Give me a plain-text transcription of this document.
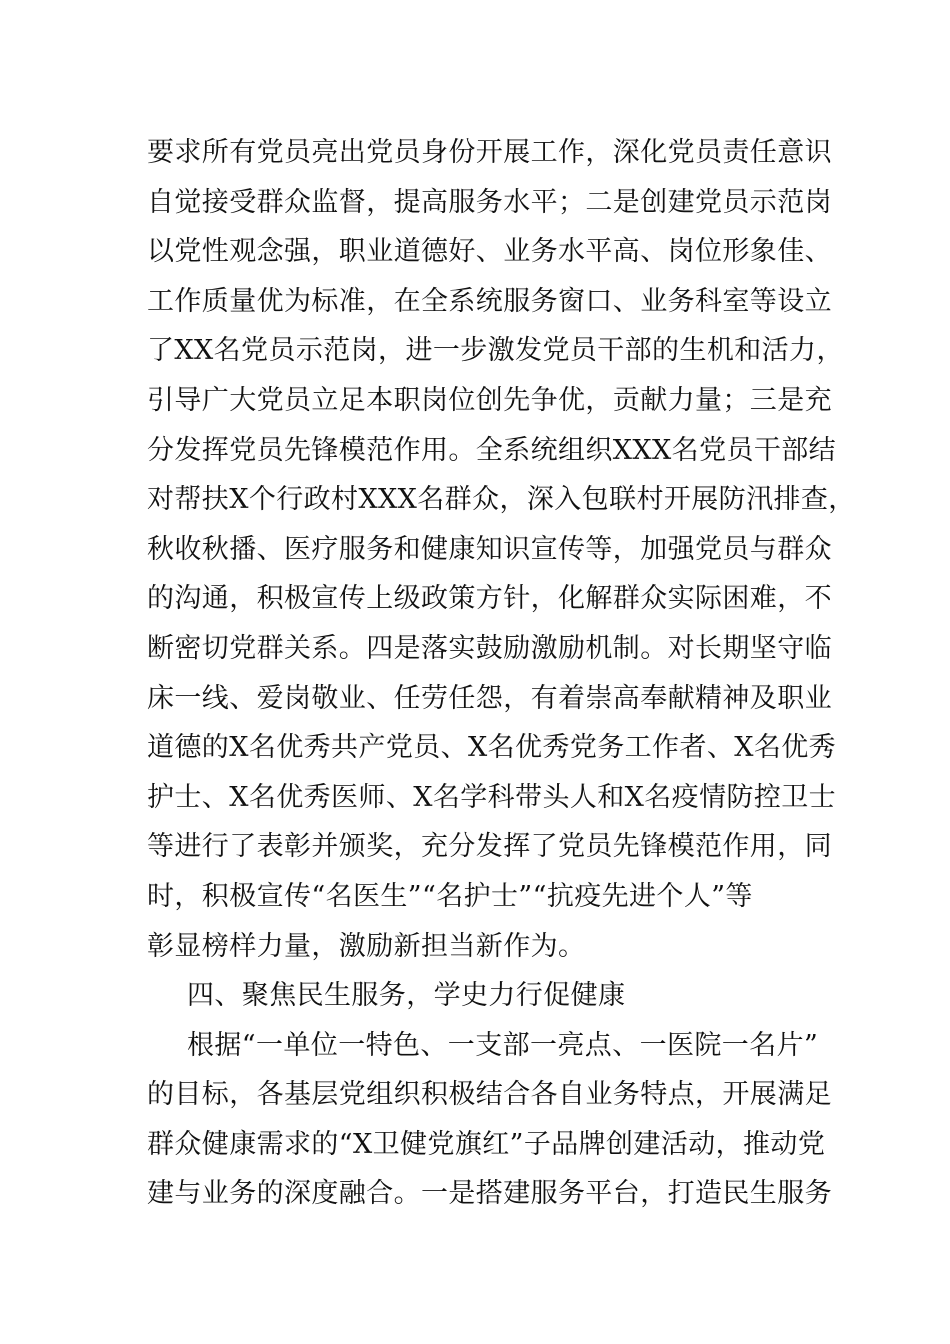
要求所有党员亮出党员身份开展工作，深化党员责任意识
自觉接受群众监督，提高服务水平；二是创建党员示范岗
以党性观念强，职业道德好、业务水平高、岗位形象佳、
工作质量优为标准，在全系统服务窗口、业务科室等设立
了XX名党员示范岗，进一步激发党员干部的生机和活力，
引导广大党员立足本职岗位创先争优，贡献力量；三是充
分发挥党员先锋模范作用。全系统组织XXX名党员干部结
对帮扶X个行政村XXX名群众，深入包联村开展防汛排查，
秋收秋播、医疗服务和健康知识宣传等，加强党员与群众
的沟通，积极宣传上级政策方针，化解群众实际困难，不
断密切党群关系。四是落实鼓励激励机制。对长期坚守临
床一线、爱岗敬业、任劳任怨，有着崇高奉献精神及职业
道德的X名优秀共产党员、X名优秀党务工作者、X名优秀
护士、X名优秀医师、X名学科带头人和X名疫情防控卫士
等进行了表彰并颁奖，充分发挥了党员先锋模范作用，同
时，积极宣传“名医生”“名护士”“抗疫先进个人”等
彰显榜样力量，激励新担当新作为。
四、聚焦民生服务，学史力行促健康
根据“一单位一特色、一支部一亮点、一医院一名片”
的目标，各基层党组织积极结合各自业务特点，开展满足
群众健康需求的“X卫健党旗红”子品牌创建活动，推动党
建与业务的深度融合。一是搭建服务平台，打造民生服务
